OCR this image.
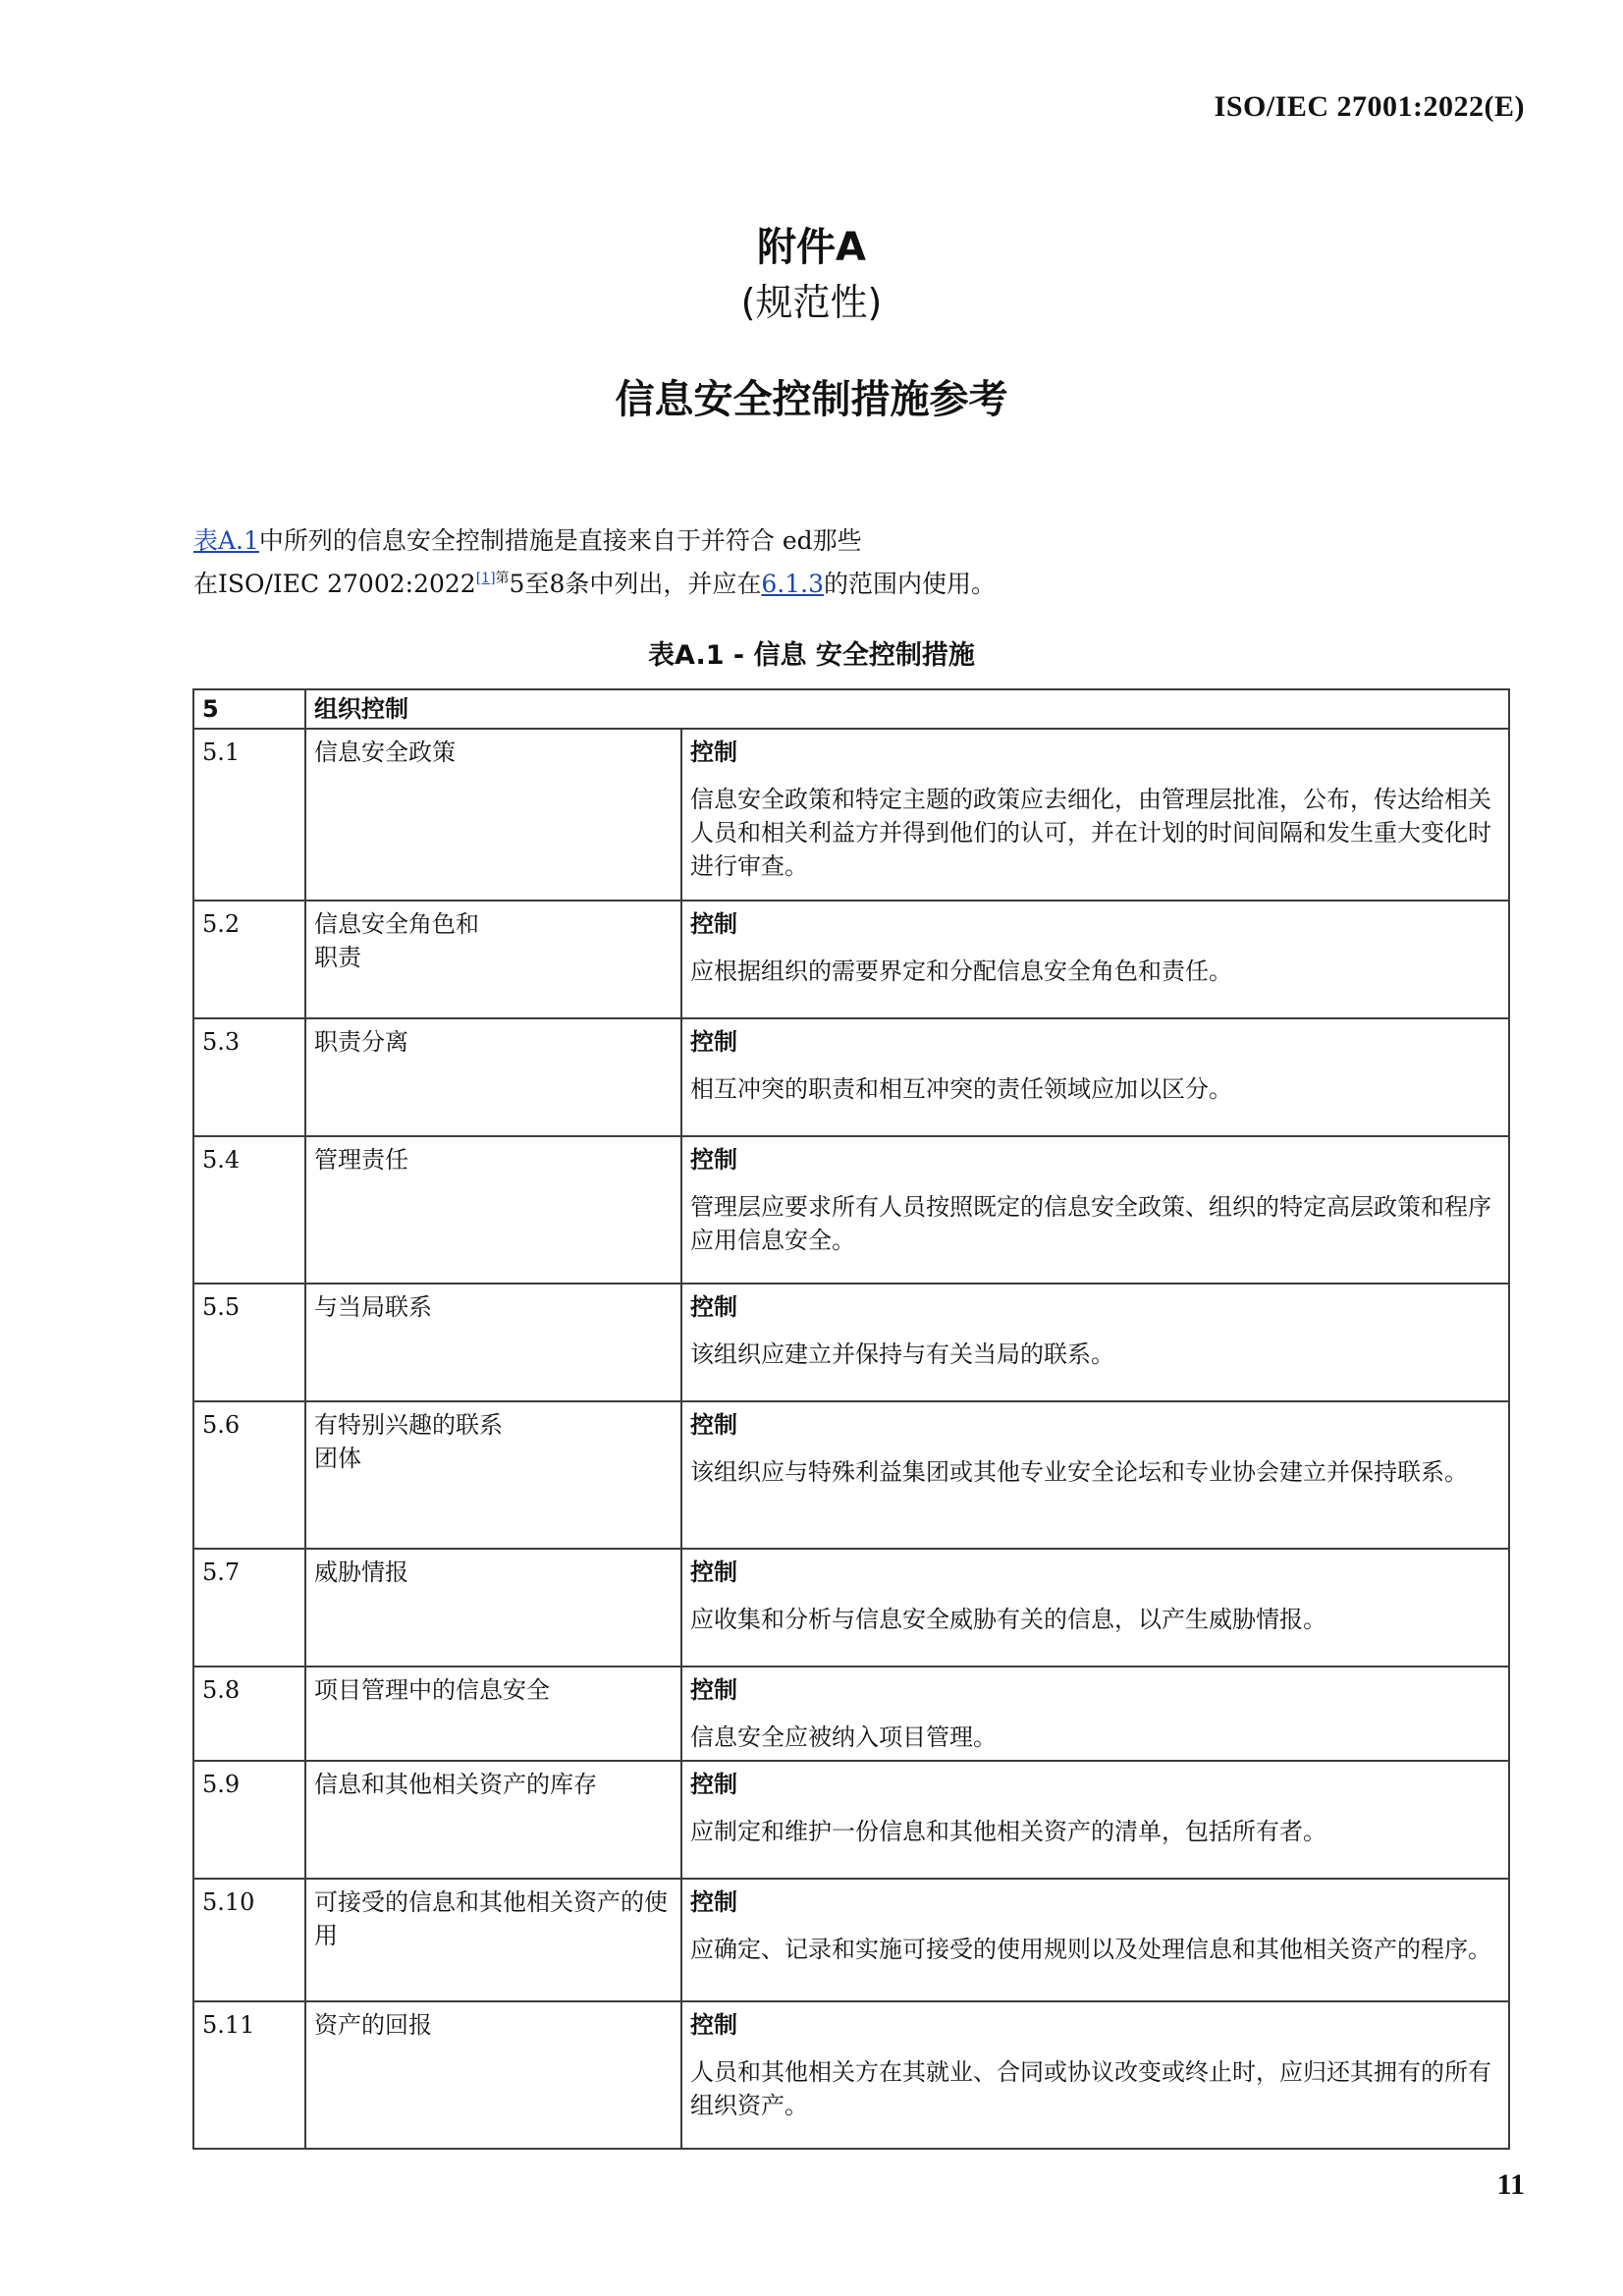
ISO/IEC 27001:2022(E)
附件A
(规范性)
信息安全控制措施参考
表A.1中所列的信息安全控制措施是直接来自于并符合 ed那些
在ISO/IEC 27002:2022$^{[1]第}$5至8条中列出，并应在6.1.3的范围内使用。
表A.1 - 信息 安全控制措施
5	组织控制	
5.1	信息安全政策	控制
信息安全政策和特定主题的政策应去细化，由管理层批准，公布，传达给相关人员和相关利益方并得到他们的认可，并在计划的时间间隔和发生重大变化时进行审查。

5.2	信息安全角色和
职责	控制
应根据组织的需要界定和分配信息安全角色和责任。

5.3	职责分离	控制
相互冲突的职责和相互冲突的责任领域应加以区分。

5.4	管理责任	控制
管理层应要求所有人员按照既定的信息安全政策、组织的特定高层政策和程序应用信息安全。

5.5	与当局联系	控制
该组织应建立并保持与有关当局的联系。

5.6	有特别兴趣的联系
团体	控制
该组织应与特殊利益集团或其他专业安全论坛和专业协会建立并保持联系。

5.7	威胁情报	控制
应收集和分析与信息安全威胁有关的信息，以产生威胁情报。

5.8	项目管理中的信息安全	控制
信息安全应被纳入项目管理。

5.9	信息和其他相关资产的库存	控制
应制定和维护一份信息和其他相关资产的清单，包括所有者。

5.10	可接受的信息和其他相关资产的使用	控制
应确定、记录和实施可接受的使用规则以及处理信息和其他相关资产的程序。

5.11	资产的回报	控制
人员和其他相关方在其就业、合同或协议改变或终止时，应归还其拥有的所有组织资产。
11
